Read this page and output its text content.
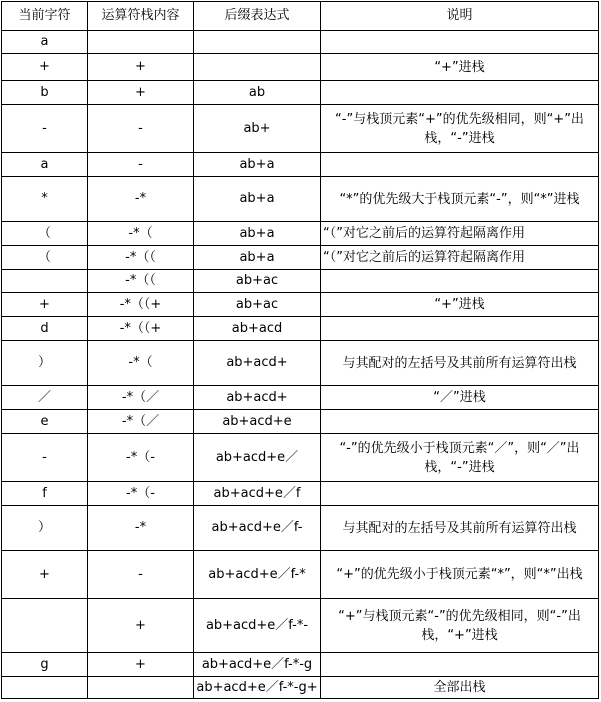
当前字符	运算符栈内容	后缀表达式	说明
a			
+	+		“+”进栈
b	+	ab	
-	-	ab+	“-”与栈顶元素“+”的优先级相同，则“+”出栈，“-”进栈
a	-	ab+a	
*	-*	ab+a	“*”的优先级大于栈顶元素“-”，则“*”进栈
（	-*（	ab+a	“（”对它之前后的运算符起隔离作用
（	-*（（	ab+a	“（”对它之前后的运算符起隔离作用
	-*（（	ab+ac	
+	-*（（+	ab+ac	“+”进栈
d	-*（（+	ab+acd	
）	-*（	ab+acd+	与其配对的左括号及其前所有运算符出栈
／	-*（／	ab+acd+	“／”进栈
e	-*（／	ab+acd+e	
-	-*（-	ab+acd+e／	“-”的优先级小于栈顶元素“／”，则“／”出栈，“-”进栈
f	-*（-	ab+acd+e／f	
）	-*	ab+acd+e／f-	与其配对的左括号及其前所有运算符出栈
+	-	ab+acd+e／f-*	“+”的优先级小于栈顶元素“*”，则“*”出栈
	+	ab+acd+e／f-*-	“+”与栈顶元素“-”的优先级相同，则“-”出栈，“+”进栈
g	+	ab+acd+e／f-*-g	
		ab+acd+e／f-*-g+	全部出栈
